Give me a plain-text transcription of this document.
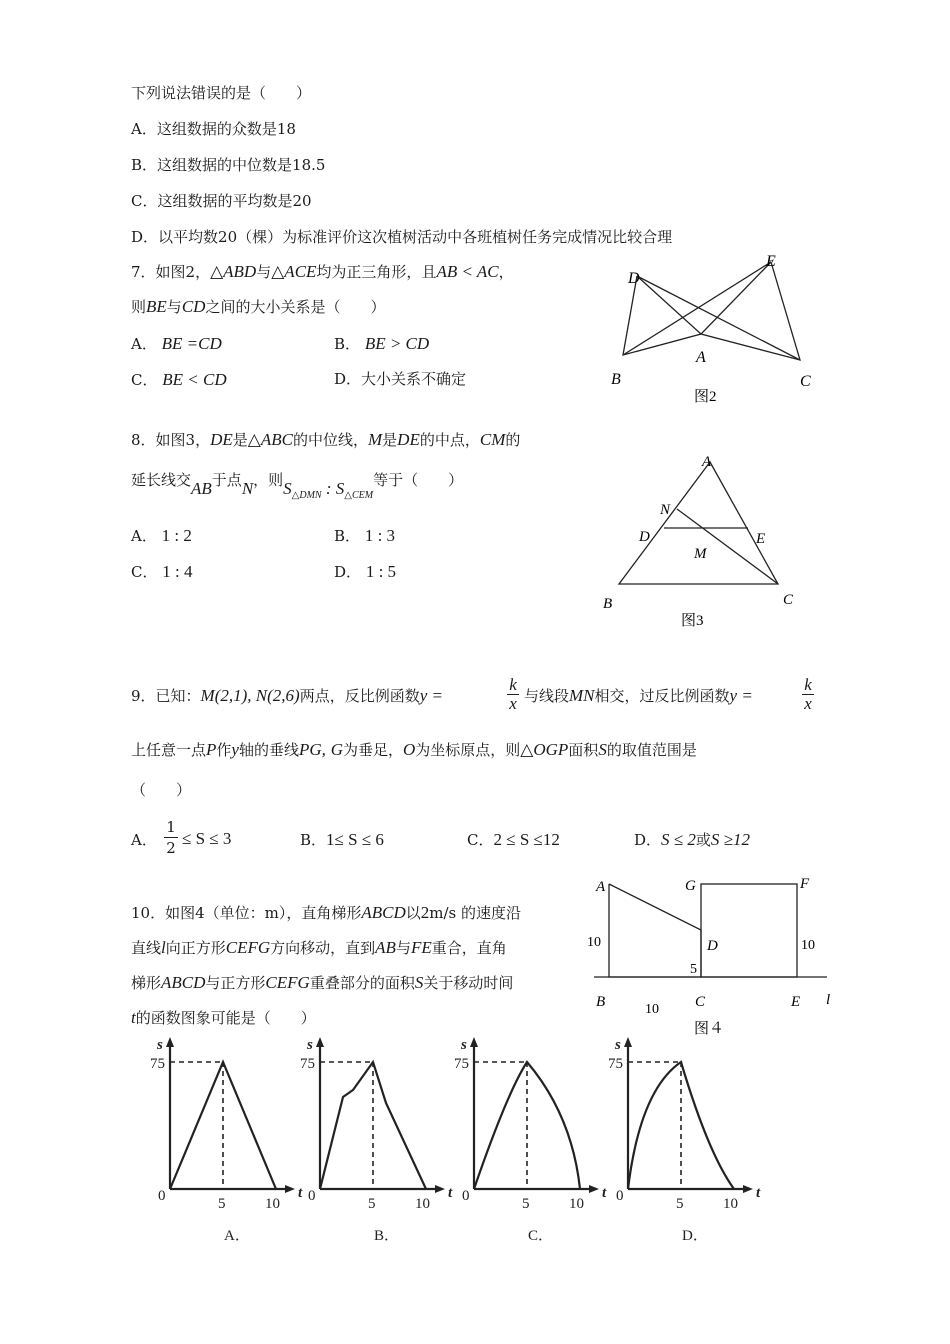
下列说法错误的是（　　）
A．这组数据的众数是18
B．这组数据的中位数是18.5
C．这组数据的平均数是20
D．以平均数20（棵）为标准评价这次植树活动中各班植树任务完成情况比较合理
7．如图2，△ABD与△ACE均为正三角形，且AB < AC，
则BE与CD之间的大小关系是（　　）
A． BE =CD	B． BE > CD
C． BE < CD	D．大小关系不确定
D
E
A
B	C
图2
8．如图3，DE是△ABC的中位线，M是DE的中点，CM的
延长线交AB于点N，则$S_{\triangle DMN}$ : $S_{\triangle CEM}$等于（　　）
A． 1 : 2	B． 1 : 3
C． 1 : 4	D． 1 : 5
A
N
D	E
M
B	C
图3
9．已知：M(2,1), N(2,6)两点，反比例函数y =
k
x 与线段MN相交，过反比例函数y =
k
x
上任意一点P作y轴的垂线PG, G为垂足，O为坐标原点，则△OGP面积S的取值范围是
（　　）
A．
1
2 ≤ S ≤ 3	B．1≤ S ≤ 6	C．2 ≤ S ≤12	D．S ≤ 2或S ≥12
10．如图4（单位：m），直角梯形ABCD以2m/s 的速度沿
直线l向正方形CEFG方向移动，直到AB与FE重合，直角
梯形ABCD与正方形CEFG重叠部分的面积S关于移动时间
t的函数图象可能是（　　）
A	G	F
D
10	10
5
B	C	E l
10
图４
s
t
75
0	5	10
A．
s
t
75
0	5	10
B．
s
t
75
0	5	10
C．
s
t
75
0	5	10
D．
